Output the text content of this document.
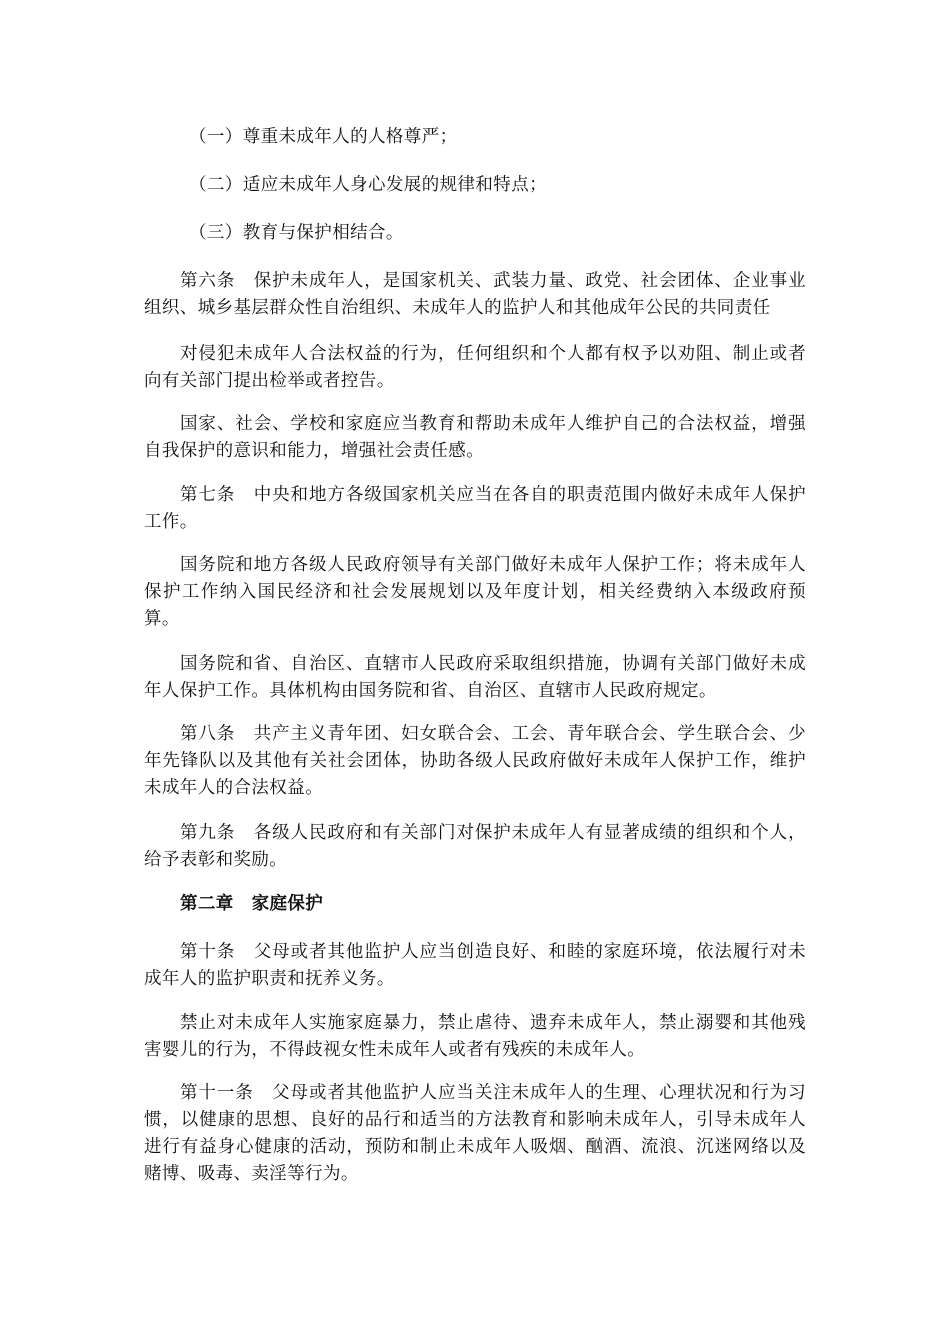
（一）尊重未成年人的人格尊严；

（二）适应未成年人身心发展的规律和特点；

（三）教育与保护相结合。

第六条　保护未成年人，是国家机关、武装力量、政党、社会团体、企业事业组织、城乡基层群众性自治组织、未成年人的监护人和其他成年公民的共同责任

对侵犯未成年人合法权益的行为，任何组织和个人都有权予以劝阻、制止或者向有关部门提出检举或者控告。

国家、社会、学校和家庭应当教育和帮助未成年人维护自己的合法权益，增强自我保护的意识和能力，增强社会责任感。

第七条　中央和地方各级国家机关应当在各自的职责范围内做好未成年人保护工作。

国务院和地方各级人民政府领导有关部门做好未成年人保护工作；将未成年人保护工作纳入国民经济和社会发展规划以及年度计划，相关经费纳入本级政府预算。

国务院和省、自治区、直辖市人民政府采取组织措施，协调有关部门做好未成年人保护工作。具体机构由国务院和省、自治区、直辖市人民政府规定。

第八条　共产主义青年团、妇女联合会、工会、青年联合会、学生联合会、少年先锋队以及其他有关社会团体，协助各级人民政府做好未成年人保护工作，维护未成年人的合法权益。

第九条　各级人民政府和有关部门对保护未成年人有显著成绩的组织和个人，给予表彰和奖励。

第二章　家庭保护

第十条　父母或者其他监护人应当创造良好、和睦的家庭环境，依法履行对未成年人的监护职责和抚养义务。

禁止对未成年人实施家庭暴力，禁止虐待、遗弃未成年人，禁止溺婴和其他残害婴儿的行为，不得歧视女性未成年人或者有残疾的未成年人。

第十一条　父母或者其他监护人应当关注未成年人的生理、心理状况和行为习惯，以健康的思想、良好的品行和适当的方法教育和影响未成年人，引导未成年人进行有益身心健康的活动，预防和制止未成年人吸烟、酗酒、流浪、沉迷网络以及赌博、吸毒、卖淫等行为。
